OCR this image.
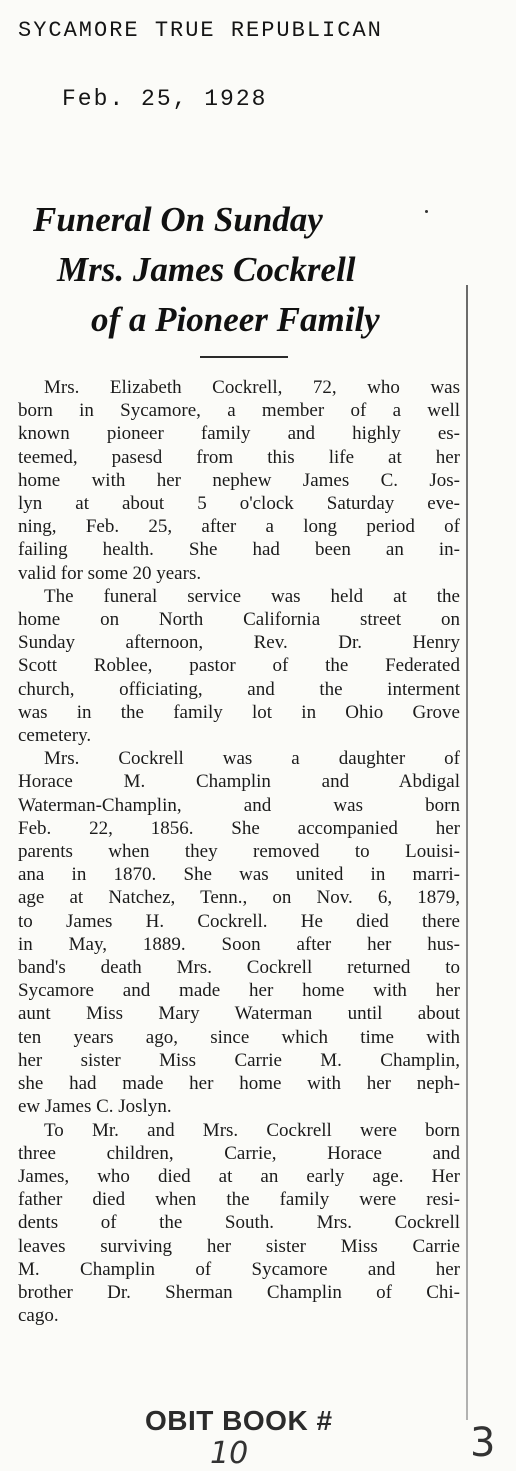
SYCAMORE TRUE REPUBLICAN
Feb. 25, 1928
Funeral On Sunday
Mrs. James Cockrell
of a Pioneer Family
Mrs. Elizabeth Cockrell, 72, who was
born in Sycamore, a member of a well
known pioneer family and highly es-
teemed, pasesd from this life at her
home with her nephew James C. Jos-
lyn at about 5 o'clock Saturday eve-
ning, Feb. 25, after a long period of
failing health. She had been an in-
valid for some 20 years.
The funeral service was held at the
home on North California street on
Sunday afternoon, Rev. Dr. Henry
Scott Roblee, pastor of the Federated
church, officiating, and the interment
was in the family lot in Ohio Grove
cemetery.
Mrs. Cockrell was a daughter of
Horace M. Champlin and Abdigal
Waterman-Champlin, and was born
Feb. 22, 1856. She accompanied her
parents when they removed to Louisi-
ana in 1870. She was united in marri-
age at Natchez, Tenn., on Nov. 6, 1879,
to James H. Cockrell. He died there
in May, 1889. Soon after her hus-
band's death Mrs. Cockrell returned to
Sycamore and made her home with her
aunt Miss Mary Waterman until about
ten years ago, since which time with
her sister Miss Carrie M. Champlin,
she had made her home with her neph-
ew James C. Joslyn.
To Mr. and Mrs. Cockrell were born
three children, Carrie, Horace and
James, who died at an early age. Her
father died when the family were resi-
dents of the South. Mrs. Cockrell
leaves surviving her sister Miss Carrie
M. Champlin of Sycamore and her
brother Dr. Sherman Champlin of Chi-
cago.
OBIT BOOK #
10	3
